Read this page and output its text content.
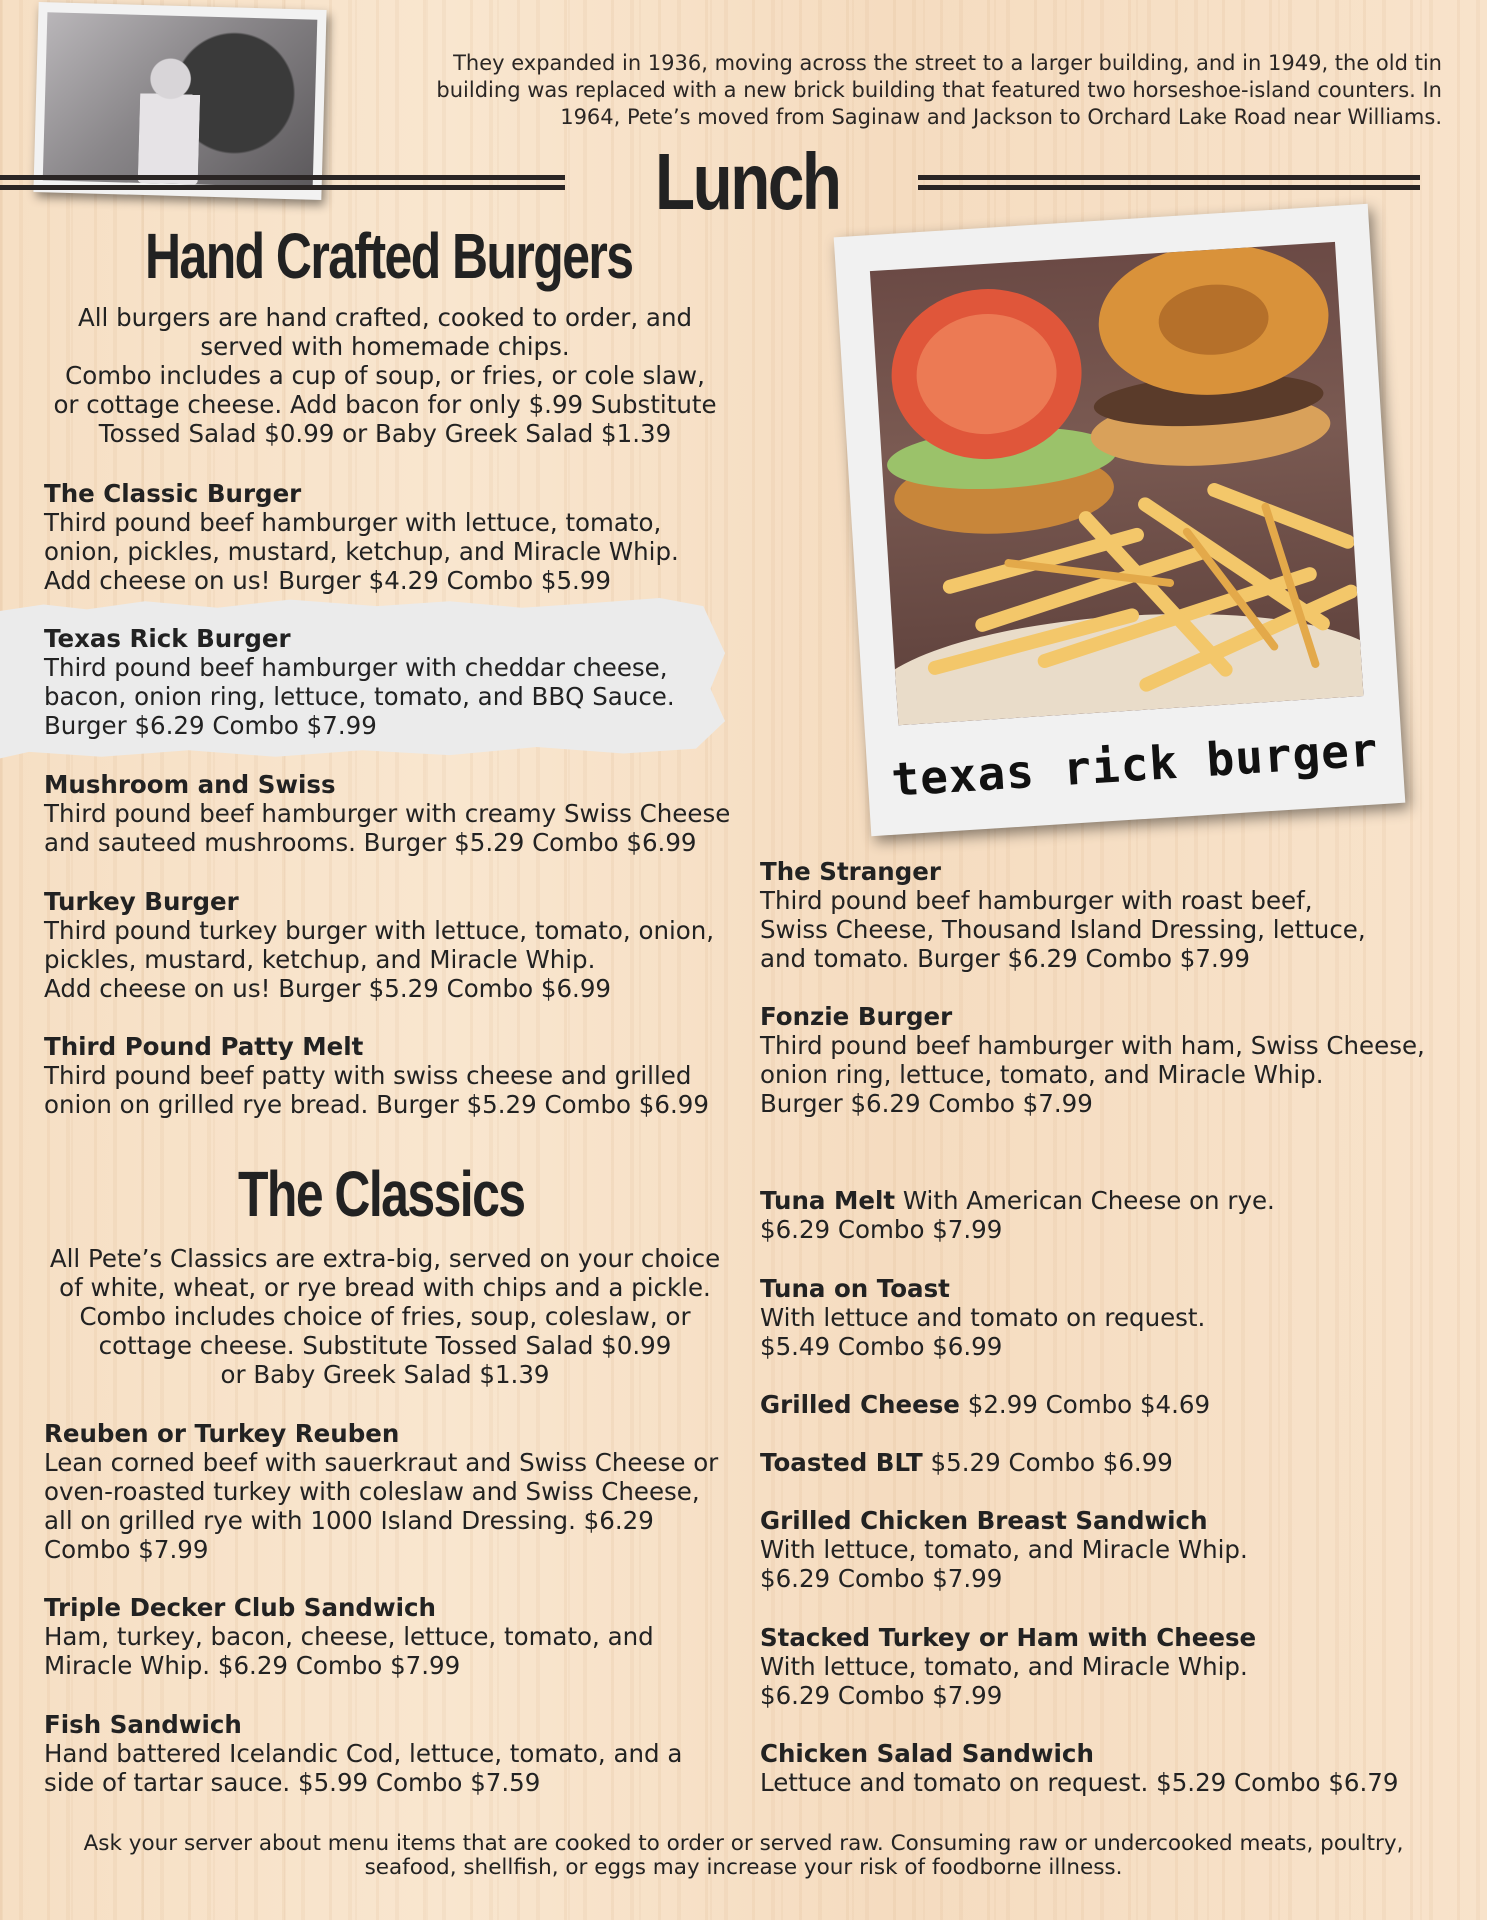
They expanded in 1936, moving across the street to a larger building, and in 1949, the old tin building was replaced with a new brick building that featured two horseshoe-island counters. In 1964, Pete’s moved from Saginaw and Jackson to Orchard Lake Road near Williams.
Lunch
Hand Crafted Burgers
All burgers are hand crafted, cooked to order, and
served with homemade chips.
Combo includes a cup of soup, or fries, or cole slaw,
or cottage cheese. Add bacon for only $.99 Substitute
Tossed Salad $0.99 or Baby Greek Salad $1.39
The Classic Burger
Third pound beef hamburger with lettuce, tomato,
onion, pickles, mustard, ketchup, and Miracle Whip.
Add cheese on us! Burger $4.29 Combo $5.99
Texas Rick Burger
Third pound beef hamburger with cheddar cheese,
bacon, onion ring, lettuce, tomato, and BBQ Sauce.
Burger $6.29 Combo $7.99
Mushroom and Swiss
Third pound beef hamburger with creamy Swiss Cheese
and sauteed mushrooms. Burger $5.29 Combo $6.99
Turkey Burger
Third pound turkey burger with lettuce, tomato, onion,
pickles, mustard, ketchup, and Miracle Whip.
Add cheese on us! Burger $5.29 Combo $6.99
Third Pound Patty Melt
Third pound beef patty with swiss cheese and grilled
onion on grilled rye bread. Burger $5.29 Combo $6.99
texas rick burger
The Stranger
Third pound beef hamburger with roast beef,
Swiss Cheese, Thousand Island Dressing, lettuce,
and tomato. Burger $6.29 Combo $7.99
Fonzie Burger
Third pound beef hamburger with ham, Swiss Cheese,
onion ring, lettuce, tomato, and Miracle Whip.
Burger $6.29 Combo $7.99
The Classics
All Pete’s Classics are extra-big, served on your choice
of white, wheat, or rye bread with chips and a pickle.
Combo includes choice of fries, soup, coleslaw, or
cottage cheese. Substitute Tossed Salad $0.99
or Baby Greek Salad $1.39
Reuben or Turkey Reuben
Lean corned beef with sauerkraut and Swiss Cheese or
oven-roasted turkey with coleslaw and Swiss Cheese,
all on grilled rye with 1000 Island Dressing. $6.29
Combo $7.99
Triple Decker Club Sandwich
Ham, turkey, bacon, cheese, lettuce, tomato, and
Miracle Whip. $6.29 Combo $7.99
Fish Sandwich
Hand battered Icelandic Cod, lettuce, tomato, and a
side of tartar sauce. $5.99 Combo $7.59
Tuna Melt With American Cheese on rye.
$6.29 Combo $7.99
Tuna on Toast
With lettuce and tomato on request.
$5.49 Combo $6.99
Grilled Cheese $2.99 Combo $4.69
Toasted BLT $5.29 Combo $6.99
Grilled Chicken Breast Sandwich
With lettuce, tomato, and Miracle Whip.
$6.29 Combo $7.99
Stacked Turkey or Ham with Cheese
With lettuce, tomato, and Miracle Whip.
$6.29 Combo $7.99
Chicken Salad Sandwich
Lettuce and tomato on request. $5.29 Combo $6.79
Ask your server about menu items that are cooked to order or served raw. Consuming raw or undercooked meats, poultry,
seafood, shellfish, or eggs may increase your risk of foodborne illness.
